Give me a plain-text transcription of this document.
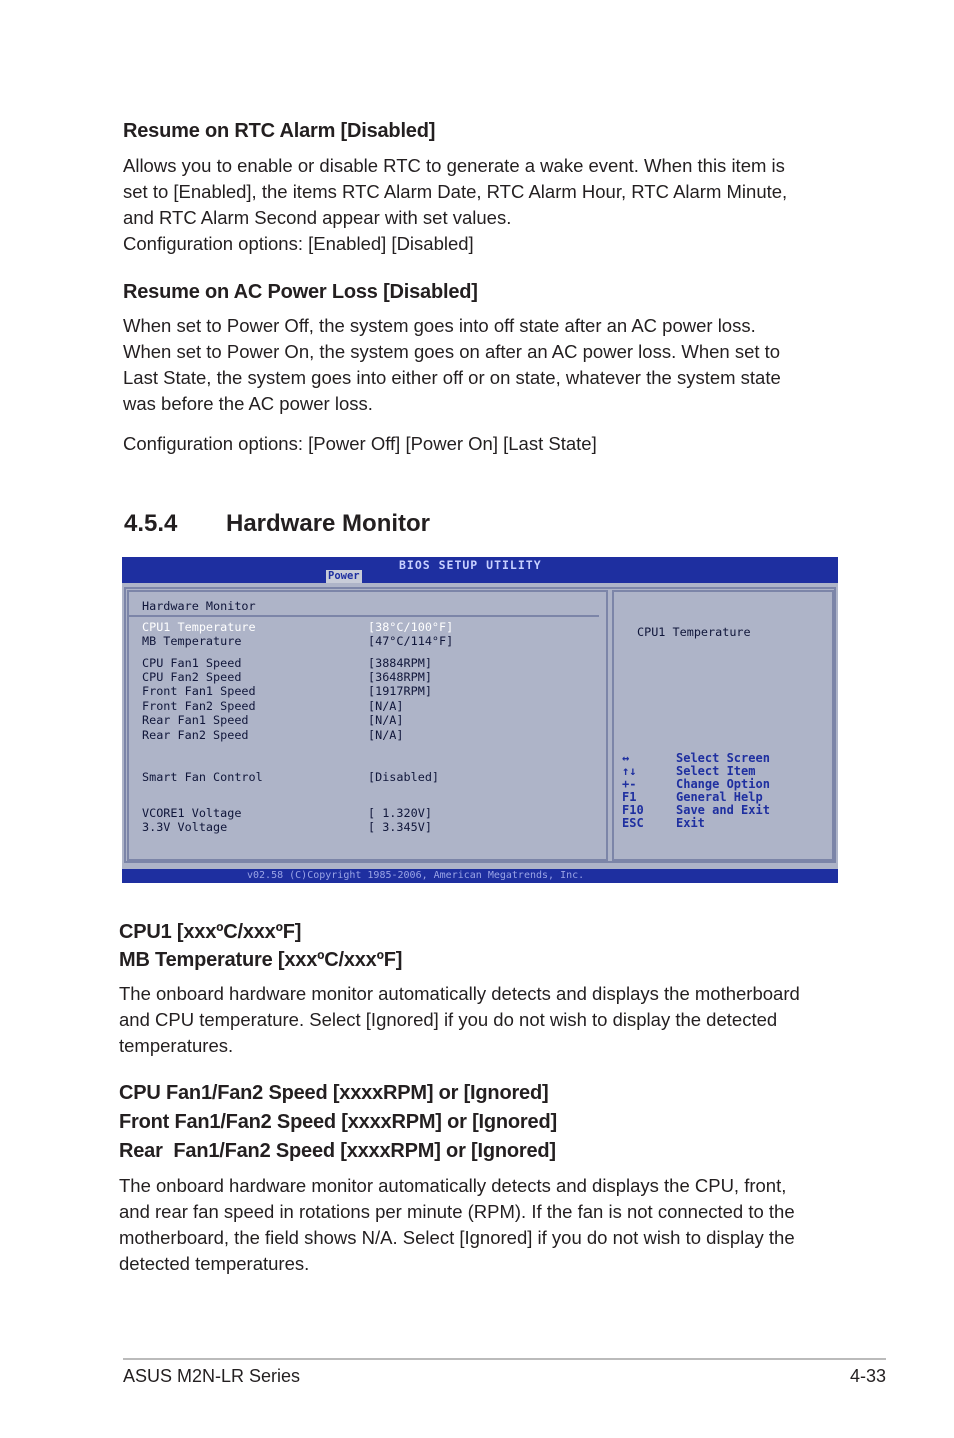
Resume on RTC Alarm [Disabled]
Allows you to enable or disable RTC to generate a wake event. When this item is
set to [Enabled], the items RTC Alarm Date, RTC Alarm Hour, RTC Alarm Minute,
and RTC Alarm Second appear with set values.
Configuration options: [Enabled] [Disabled]
Resume on AC Power Loss [Disabled]
When set to Power Off, the system goes into off state after an AC power loss.
When set to Power On, the system goes on after an AC power loss. When set to
Last State, the system goes into either off or on state, whatever the system state
was before the AC power loss.
Configuration options: [Power Off] [Power On] [Last State]
4.5.4 Hardware Monitor
BIOS SETUP UTILITY
Power
Hardware Monitor
CPU1 Temperature	[38°C/100°F]
MB Temperature	[47°C/114°F]
CPU Fan1 Speed	[3884RPM]
CPU Fan2 Speed	[3648RPM]
Front Fan1 Speed	[1917RPM]
Front Fan2 Speed	[N/A]
Rear Fan1 Speed	[N/A]
Rear Fan2 Speed	[N/A]
Smart Fan Control	[Disabled]
VCORE1 Voltage	[ 1.320V]
3.3V Voltage	[ 3.345V]
CPU1 Temperature
↔	Select Screen
↑↓	Select Item
+-	Change Option
F1	General Help
F10	Save and Exit
ESC	Exit
v02.58 (C)Copyright 1985-2006, American Megatrends, Inc.
CPU1 [xxxºC/xxxºF]
MB Temperature [xxxºC/xxxºF]
The onboard hardware monitor automatically detects and displays the motherboard
and CPU temperature. Select [Ignored] if you do not wish to display the detected
temperatures.
CPU Fan1/Fan2 Speed [xxxxRPM] or [Ignored]
Front Fan1/Fan2 Speed [xxxxRPM] or [Ignored]
Rear  Fan1/Fan2 Speed [xxxxRPM] or [Ignored]
The onboard hardware monitor automatically detects and displays the CPU, front,
and rear fan speed in rotations per minute (RPM). If the fan is not connected to the
motherboard, the field shows N/A. Select [Ignored] if you do not wish to display the
detected temperatures.
ASUS M2N-LR Series	4-33
